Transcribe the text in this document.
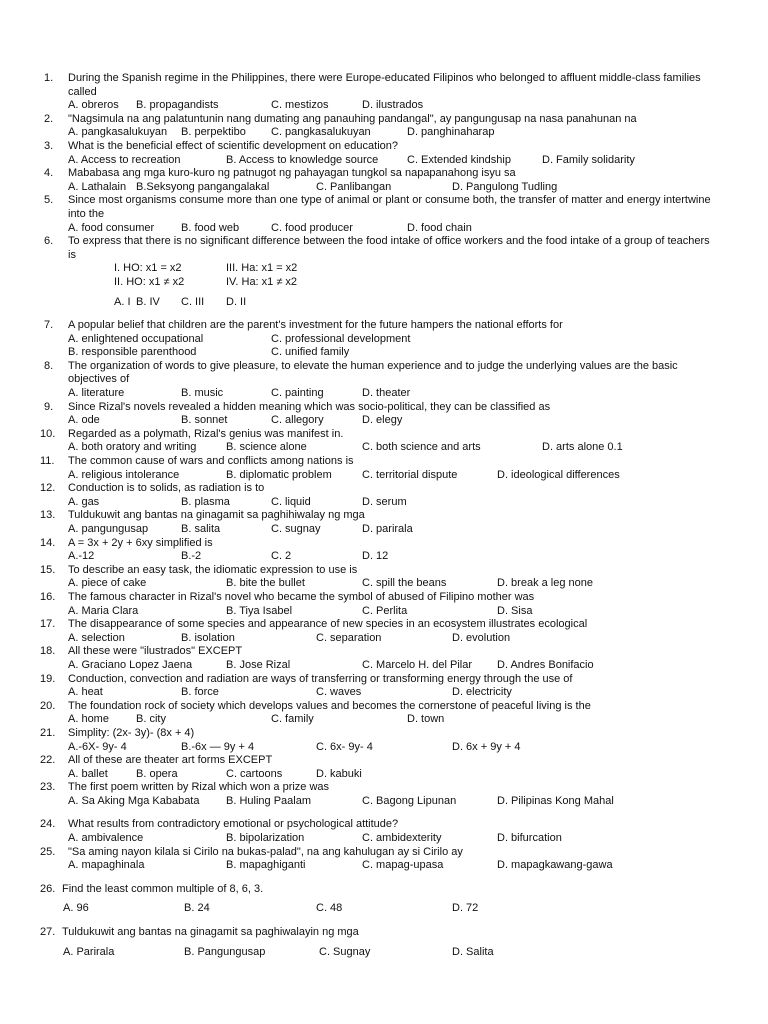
1.	During the Spanish regime in the Philippines, there were Europe-educated Filipinos who belonged to affluent middle-class families called
A. obreros B. propagandists	C. mestizos	D. ilustrados
2.	"Nagsimula na ang palatuntunin nang dumating ang panauhing pandangal", ay pangungusap na nasa panahunan na
A. pangkasalukuyan B. perpektibo C. pangkasalukuyan	D. panghinaharap
3.	What is the beneficial effect of scientific development on education?
A. Access to recreation	B. Access to knowledge source	C. Extended kindship	D. Family solidarity
4.	Mababasa ang mga kuro-kuro ng patnugot ng pahayagan tungkol sa napapanahong isyu sa
A. Lathalain B.Seksyong pangangalakal	C. Panlibangan	D. Pangulong Tudling
5.	Since most organisms consume more than one type of animal or plant or consume both, the transfer of matter and energy intertwine into the
A. food consumer B. food web	C. food producer	D. food chain
6.	To express that there is no significant difference between the food intake of office workers and the food intake of a group of teachers is
I. HO: x1 = x2	III. Ha: x1 = x2
II. HO: x1 ≠ x2	IV. Ha: x1 ≠ x2
A. I B. IV C. III D. II
7.	A popular belief that children are the parent's investment for the future hampers the national efforts for
A. enlightened occupational	C. professional development
B. responsible parenthood	C. unified family
8.	The organization of words to give pleasure, to elevate the human experience and to judge the underlying values are the basic objectives of
A. literature	B. music	C. painting	D. theater
9.	Since Rizal's novels revealed a hidden meaning which was socio-political, they can be classified as
A. ode	B. sonnet	C. allegory	D. elegy
10.	Regarded as a polymath, Rizal's genius was manifest in.
A. both oratory and writing	B. science alone	C. both science and arts	D. arts alone 0.1
11.	The common cause of wars and conflicts among nations is
A. religious intolerance	B. diplomatic problem	C. territorial dispute	D. ideological differences
12.	Conduction is to solids, as radiation is to
A. gas	B. plasma	C. liquid	D. serum
13.	Tuldukuwit ang bantas na ginagamit sa paghihiwalay ng mga
A. pangungusap	B. salita	C. sugnay	D. parirala
14.	A = 3x + 2y + 6xy simplified is
A.-12	B.-2	C. 2	D. 12
15.	To describe an easy task, the idiomatic expression to use is
A. piece of cake	B. bite the bullet	C. spill the beans	D. break a leg none
16.	The famous character in Rizal's novel who became the symbol of abused of Filipino mother was
A. Maria Clara	B. Tiya Isabel	C. Perlita	D. Sisa
17.	The disappearance of some species and appearance of new species in an ecosystem illustrates ecological
A. selection	B. isolation	C. separation	D. evolution
18.	All these were "ilustrados" EXCEPT
A. Graciano Lopez Jaena	B. Jose Rizal	C. Marcelo H. del Pilar D. Andres Bonifacio
19.	Conduction, convection and radiation are ways of transferring or transforming energy through the use of
A. heat	B. force	C. waves	D. electricity
20.	The foundation rock of society which develops values and becomes the cornerstone of peaceful living is the
A. home B. city	C. family	D. town
21.	Simplity: (2x- 3y)- (8x + 4)
A.-6X- 9y- 4	B.-6x — 9y + 4	C. 6x- 9y- 4	D. 6x + 9y + 4
22.	All of these are theater art forms EXCEPT
A. ballet	B. opera	C. cartoons	D. kabuki
23.	The first poem written by Rizal which won a prize was
A. Sa Aking Mga Kababata B. Huling Paalam	C. Bagong Lipunan	D. Pilipinas Kong Mahal
24.	What results from contradictory emotional or psychological attitude?
A. ambivalence	B. bipolarization	C. ambidexterity	D. bifurcation
25.	"Sa aming nayon kilala si Cirilo na bukas-palad", na ang kahulugan ay si Cirilo ay
A. mapaghinala	B. mapaghiganti	C. mapag-upasa	D. mapagkawang-gawa
26. Find the least common multiple of 8, 6, 3.
A. 96	B. 24	C. 48	D. 72
27. Tuldukuwit ang bantas na ginagamit sa paghiwalayin ng mga
A. Parirala	B. Pangungusap	C. Sugnay	D. Salita
